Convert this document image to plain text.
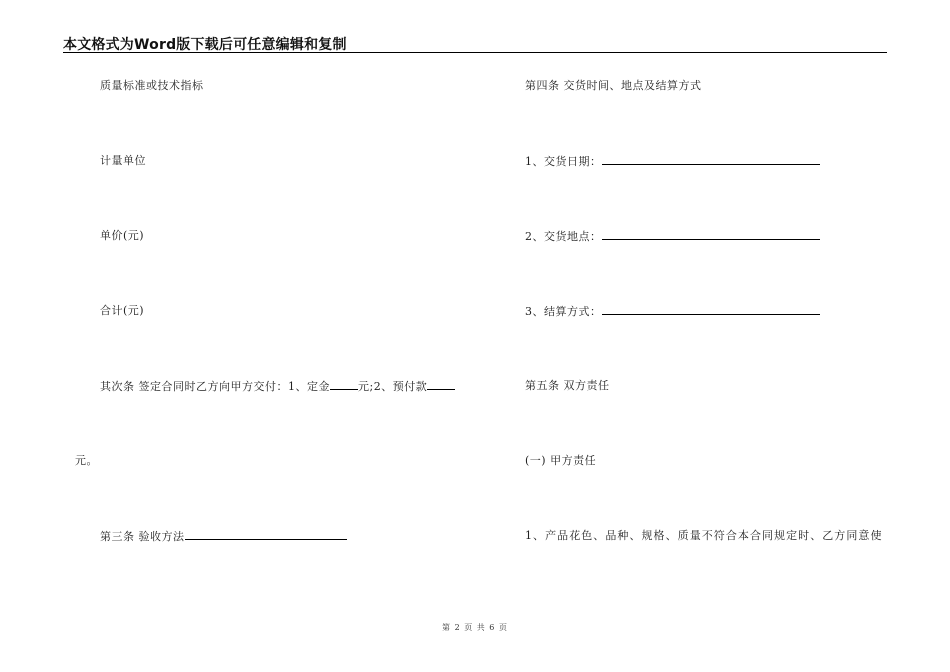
本文格式为Word版下载后可任意编辑和复制
质量标准或技术指标
计量单位
单价(元)
合计(元)
其次条 签定合同时乙方向甲方交付：1、定金	元;2、预付款
元。
第三条 验收方法
第四条 交货时间、地点及结算方式
1、交货日期：
2、交货地点：
3、结算方式：
第五条 双方责任
(一) 甲方责任
1、产品花色、品种、规格、质量不符合本合同规定时、乙方同意使
第 2 页 共 6 页
